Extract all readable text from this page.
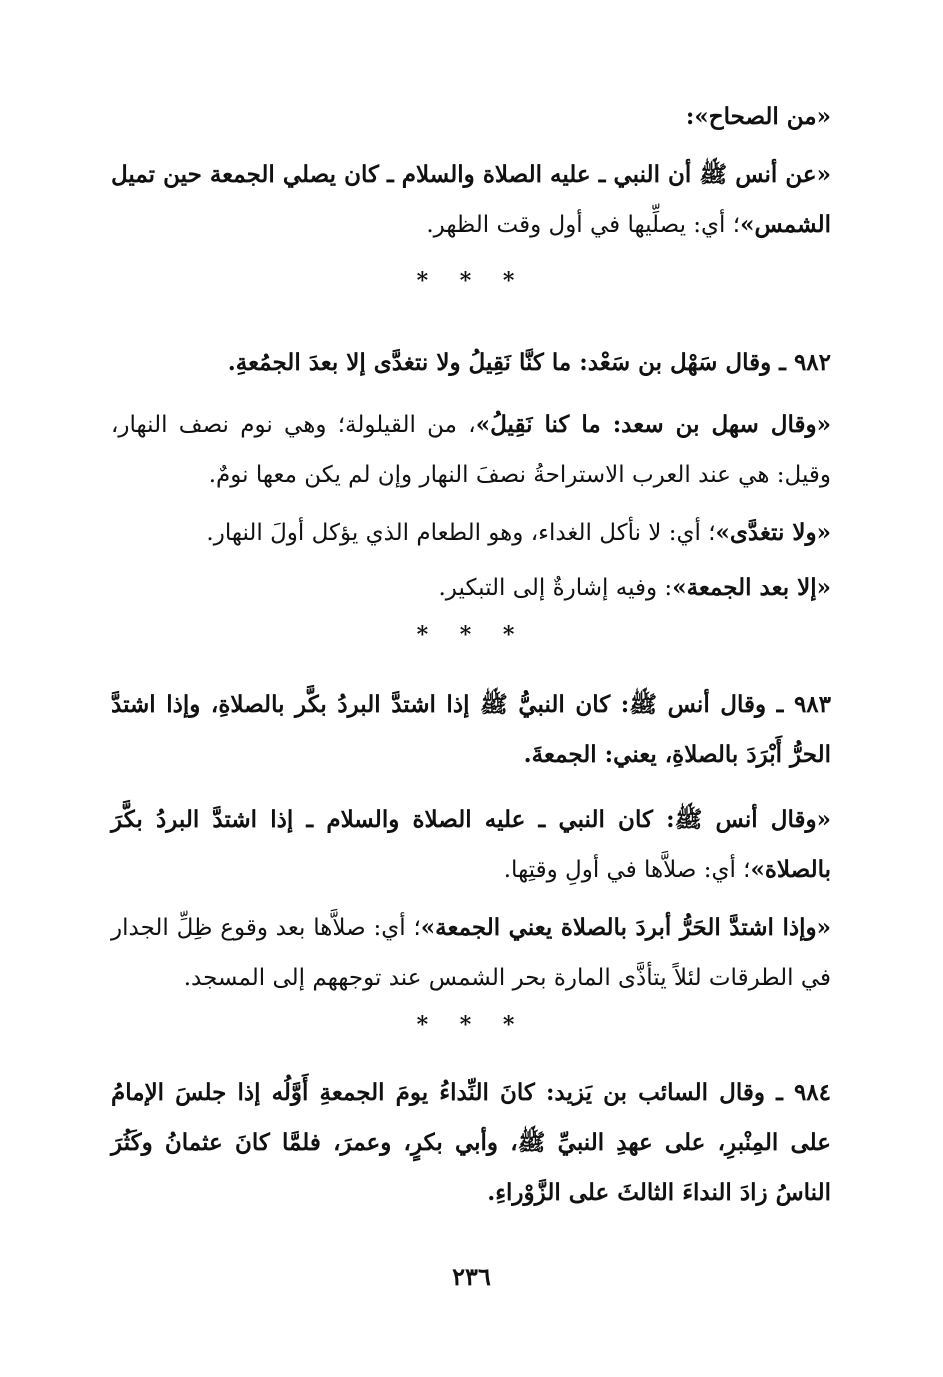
«من الصحاح»:

«عن أنس ﷺ أن النبي ـ عليه الصلاة والسلام ـ كان يصلي الجمعة حين تميل الشمس»؛ أي: يصلِّيها في أول وقت الظهر.

* * *

٩٨٢ ـ وقال سَهْل بن سَعْد: ما كنَّا نَقِيلُ ولا نتغدَّى إلا بعدَ الجمُعةِ.

«وقال سهل بن سعد: ما كنا نَقِيلُ»، من القيلولة؛ وهي نوم نصف النهار، وقيل: هي عند العرب الاستراحةُ نصفَ النهار وإن لم يكن معها نومٌ.

«ولا نتغدَّى»؛ أي: لا نأكل الغداء، وهو الطعام الذي يؤكل أولَ النهار.

«إلا بعد الجمعة»: وفيه إشارةٌ إلى التبكير.

* * *

٩٨٣ ـ وقال أنس ﷺ: كان النبيُّ ﷺ إذا اشتدَّ البردُ بكَّر بالصلاةِ، وإذا اشتدَّ الحرُّ أَبْرَدَ بالصلاةِ، يعني: الجمعةَ.

«وقال أنس ﷺ: كان النبي ـ عليه الصلاة والسلام ـ إذا اشتدَّ البردُ بكَّرَ بالصلاة»؛ أي: صلاَّها في أولِ وقتِها.

«وإذا اشتدَّ الحَرُّ أبردَ بالصلاة يعني الجمعة»؛ أي: صلاَّها بعد وقوع ظِلِّ الجدار في الطرقات لئلاً يتأذَّى المارة بحر الشمس عند توجههم إلى المسجد.

* * *

٩٨٤ ـ وقال السائب بن يَزيد: كانَ النِّداءُ يومَ الجمعةِ أَوَّلُه إذا جلسَ الإمامُ على المِنْبرِ، على عهدِ النبيِّ ﷺ، وأبي بكرٍ، وعمرَ، فلمَّا كانَ عثمانُ وكَثُرَ الناسُ زادَ النداءَ الثالثَ على الزَّوْراءِ.

٢٣٦
